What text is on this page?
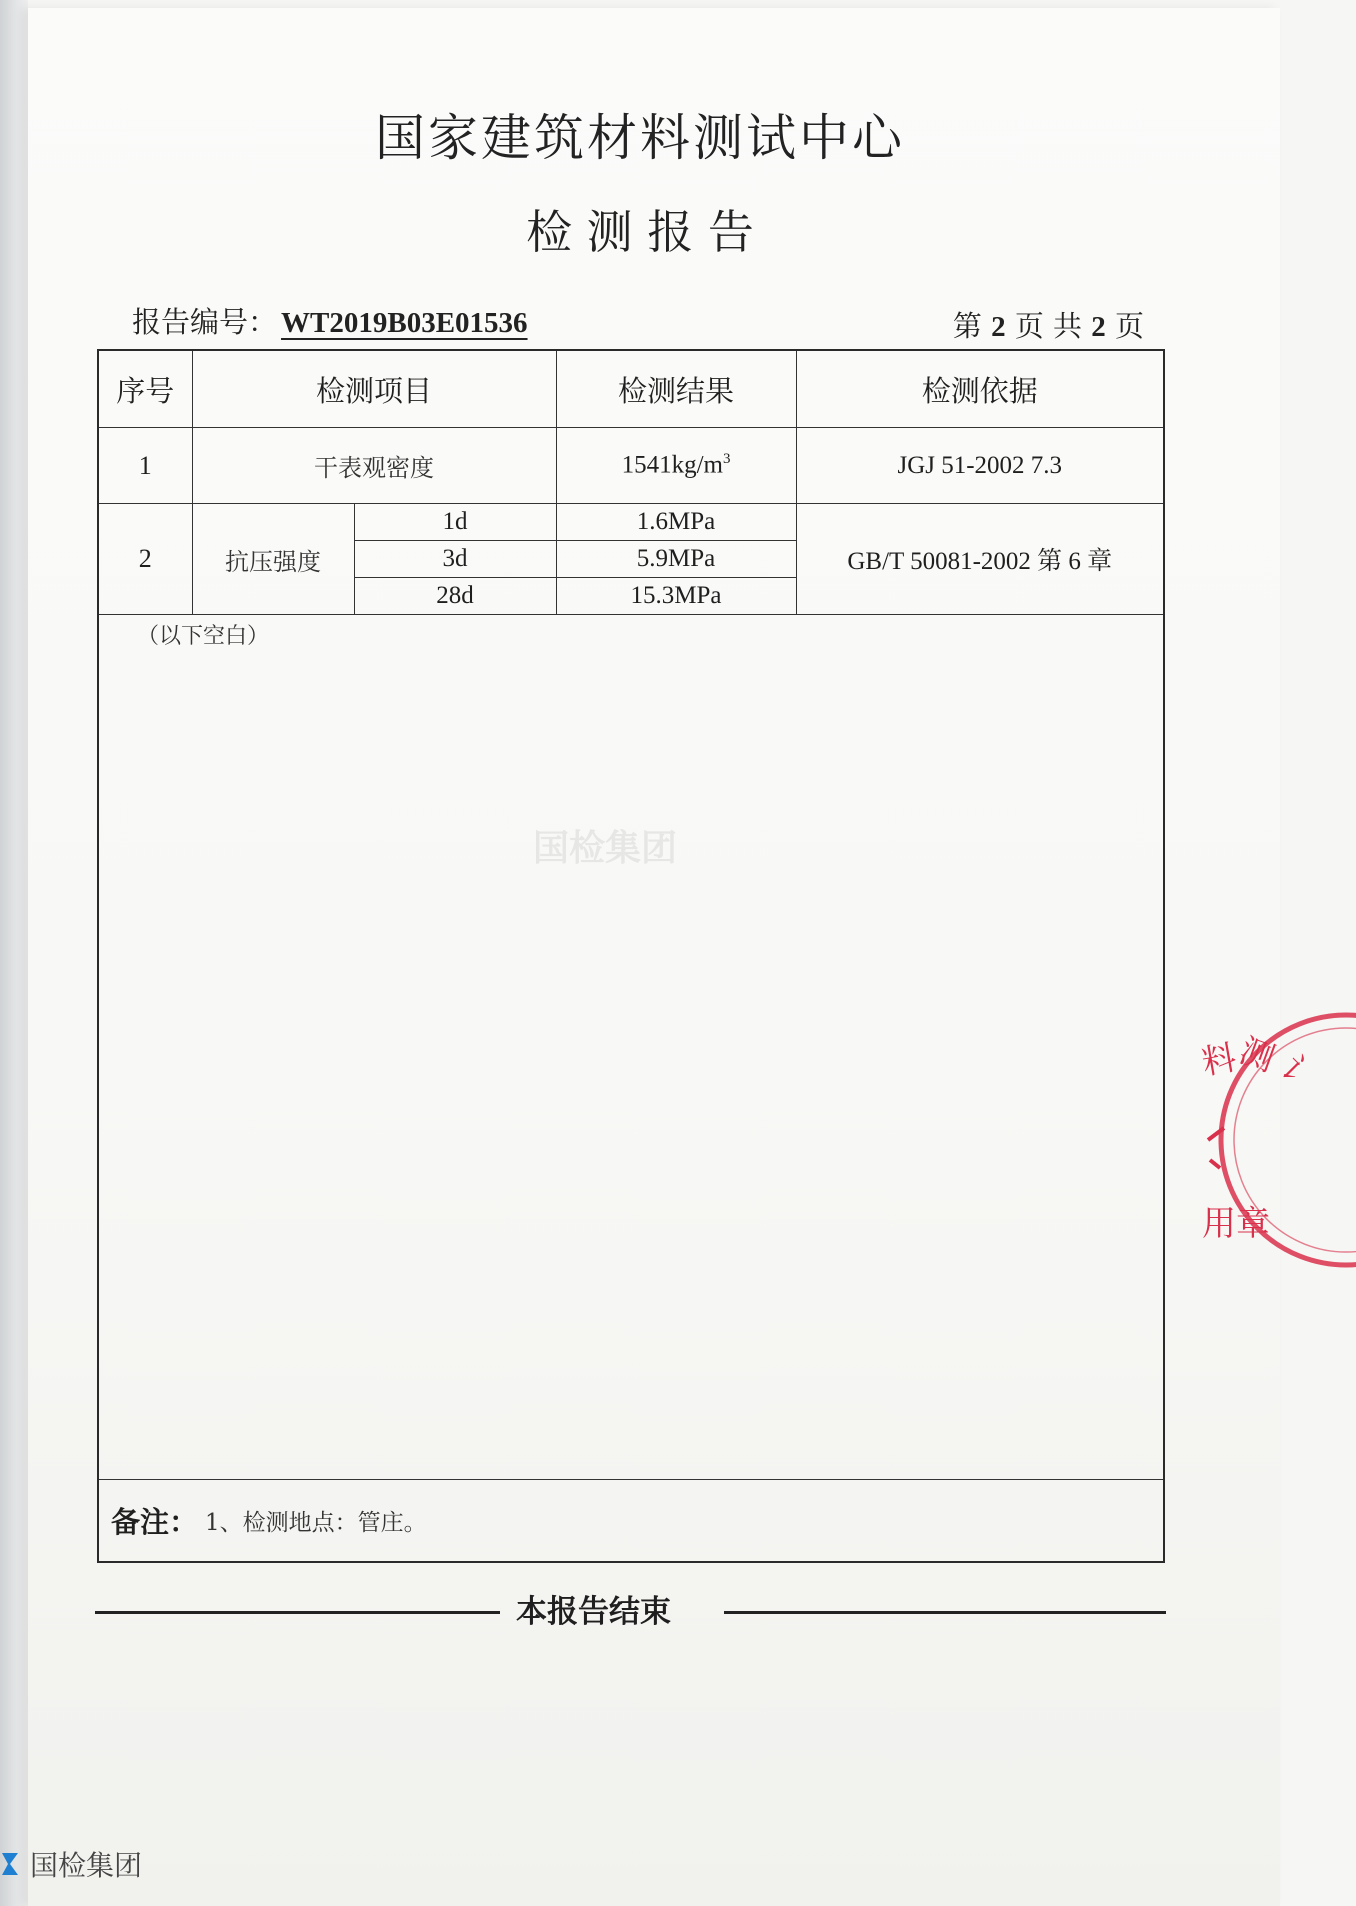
国家建筑材料测试中心
检 测 报 告
报告编号： WT2019B03E01536	第 2 页 共 2 页
序号	检测项目		检测结果	检测依据
1	干表观密度		$1541kg/m^3$	JGJ 51-2002 7.3
2	抗压强度	1d	1.6MPa	GB/T 50081-2002 第 6 章
		3d	5.9MPa	
		28d	15.3MPa	
（以下空白）
备注： 1、检测地点：管庄。
本报告结束
国检集团
料
测
讠
用章
国检集团
